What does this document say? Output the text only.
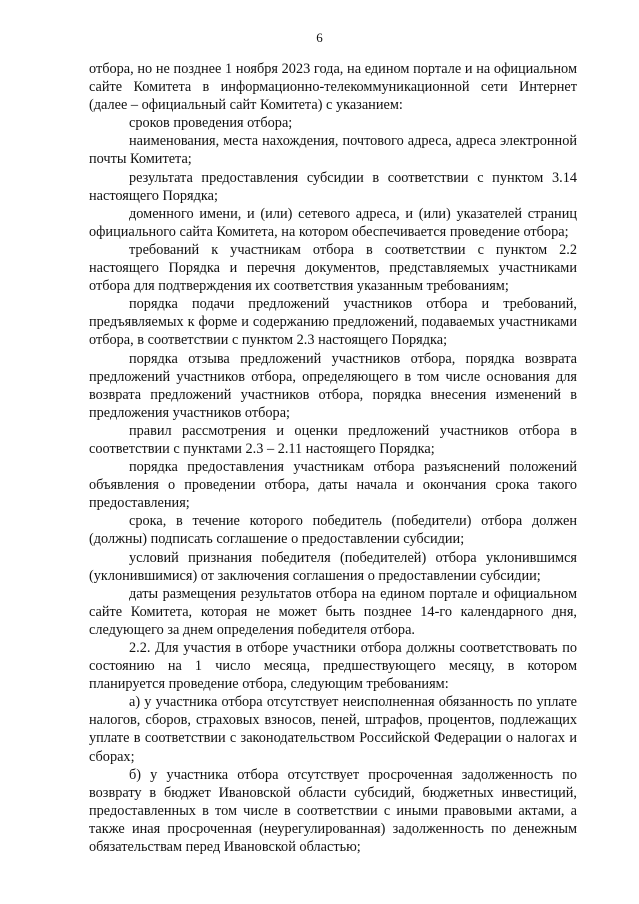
6

отбора, но не позднее 1 ноября 2023 года, на едином портале и на официальном сайте Комитета в информационно-телекоммуникационной сети Интернет (далее – официальный сайт Комитета) с указанием:

сроков проведения отбора;

наименования, места нахождения, почтового адреса, адреса электронной почты Комитета;

результата предоставления субсидии в соответствии с пунктом 3.14 настоящего Порядка;

доменного имени, и (или) сетевого адреса, и (или) указателей страниц официального сайта Комитета, на котором обеспечивается проведение отбора;

требований к участникам отбора в соответствии с пунктом 2.2 настоящего Порядка и перечня документов, представляемых участниками отбора для подтверждения их соответствия указанным требованиям;

порядка подачи предложений участников отбора и требований, предъявляемых к форме и содержанию предложений, подаваемых участниками отбора, в соответствии с пунктом 2.3 настоящего Порядка;

порядка отзыва предложений участников отбора, порядка возврата предложений участников отбора, определяющего в том числе основания для возврата предложений участников отбора, порядка внесения изменений в предложения участников отбора;

правил рассмотрения и оценки предложений участников отбора в соответствии с пунктами 2.3 – 2.11 настоящего Порядка;

порядка предоставления участникам отбора разъяснений положений объявления о проведении отбора, даты начала и окончания срока такого предоставления;

срока, в течение которого победитель (победители) отбора должен (должны) подписать соглашение о предоставлении субсидии;

условий признания победителя (победителей) отбора уклонившимся (уклонившимися) от заключения соглашения о предоставлении субсидии;

даты размещения результатов отбора на едином портале и официальном сайте Комитета, которая не может быть позднее 14-го календарного дня, следующего за днем определения победителя отбора.

2.2. Для участия в отборе участники отбора должны соответствовать по состоянию на 1 число месяца, предшествующего месяцу, в котором планируется проведение отбора, следующим требованиям:

а) у участника отбора отсутствует неисполненная обязанность по уплате налогов, сборов, страховых взносов, пеней, штрафов, процентов, подлежащих уплате в соответствии с законодательством Российской Федерации о налогах и сборах;

б) у участника отбора отсутствует просроченная задолженность по возврату в бюджет Ивановской области субсидий, бюджетных инвестиций, предоставленных в том числе в соответствии с иными правовыми актами, а также иная просроченная (неурегулированная) задолженность по денежным обязательствам перед Ивановской областью;
